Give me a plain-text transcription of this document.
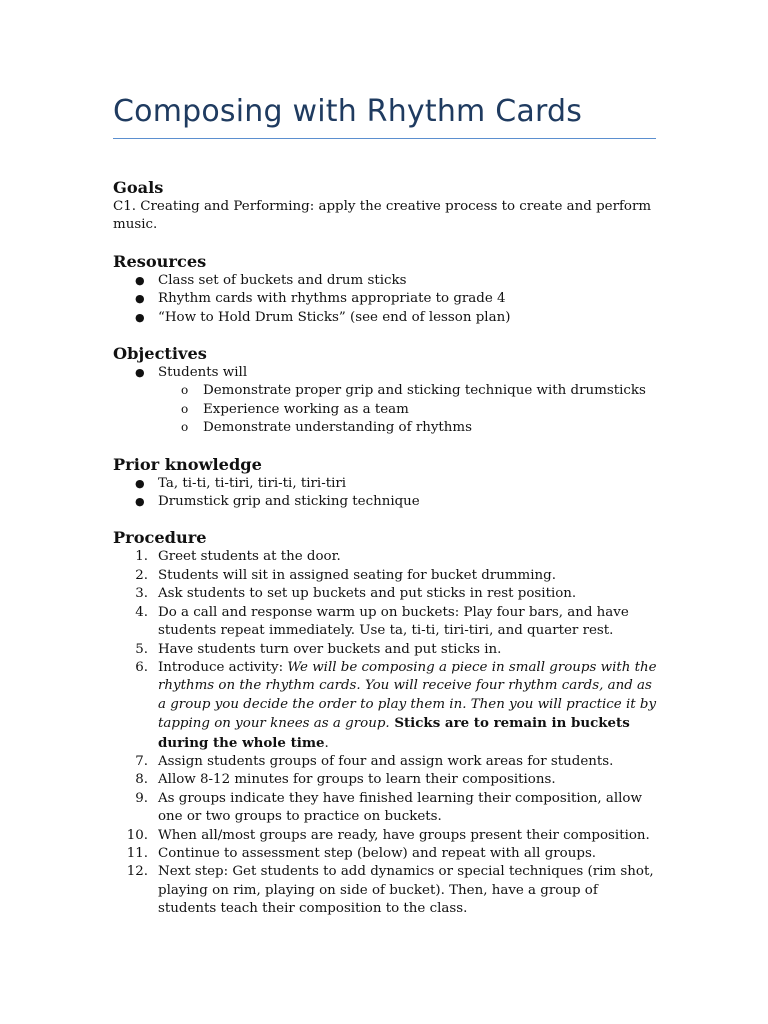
Composing with Rhythm Cards
Goals

C1. Creating and Performing: apply the creative process to create and perform music.

Resources
● Class set of buckets and drum sticks
● Rhythm cards with rhythms appropriate to grade 4
● “How to Hold Drum Sticks” (see end of lesson plan)
Objectives
● Students will
o Demonstrate proper grip and sticking technique with drumsticks
o Experience working as a team
o Demonstrate understanding of rhythms
Prior knowledge
● Ta, ti-ti, ti-tiri, tiri-ti, tiri-tiri
● Drumstick grip and sticking technique
Procedure
1. Greet students at the door.
2. Students will sit in assigned seating for bucket drumming.
3. Ask students to set up buckets and put sticks in rest position.
4. Do a call and response warm up on buckets: Play four bars, and have students repeat immediately. Use ta, ti-ti, tiri-tiri, and quarter rest.
5. Have students turn over buckets and put sticks in.
6. Introduce activity: We will be composing a piece in small groups with the rhythms on the rhythm cards. You will receive four rhythm cards, and as a group you decide the order to play them in. Then you will practice it by tapping on your knees as a group. Sticks are to remain in buckets during the whole time.
7. Assign students groups of four and assign work areas for students.
8. Allow 8-12 minutes for groups to learn their compositions.
9. As groups indicate they have finished learning their composition, allow one or two groups to practice on buckets.
10. When all/most groups are ready, have groups present their composition.
11. Continue to assessment step (below) and repeat with all groups.
12. Next step: Get students to add dynamics or special techniques (rim shot, playing on rim, playing on side of bucket). Then, have a group of students teach their composition to the class.
